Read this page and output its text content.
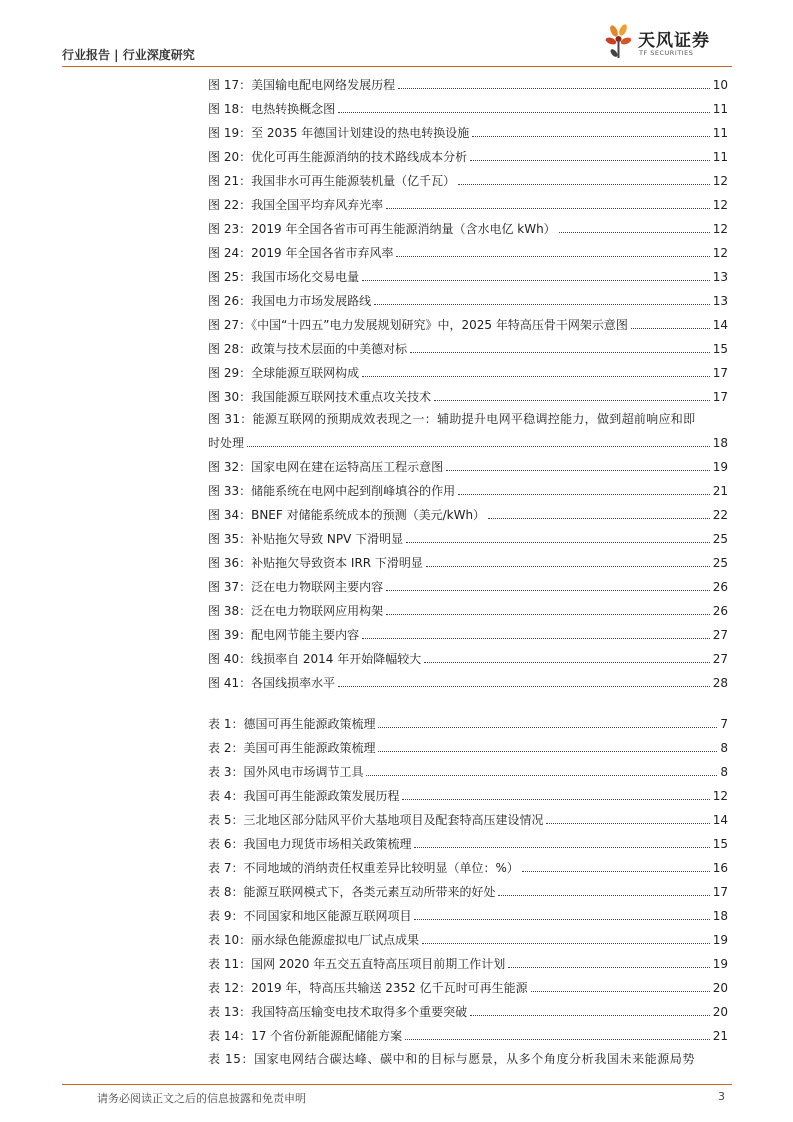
行业报告 | 行业深度研究
天风证券
TF SECURITIES
图 17：美国输电配电网络发展历程	10
图 18：电热转换概念图	11
图 19：至 2035 年德国计划建设的热电转换设施	11
图 20：优化可再生能源消纳的技术路线成本分析	11
图 21：我国非水可再生能源装机量（亿千瓦）	12
图 22：我国全国平均弃风弃光率	12
图 23：2019 年全国各省市可再生能源消纳量（含水电亿 kWh）	12
图 24：2019 年全国各省市弃风率	12
图 25：我国市场化交易电量	13
图 26：我国电力市场发展路线	13
图 27：《中国“十四五”电力发展规划研究》中，2025 年特高压骨干网架示意图	14
图 28：政策与技术层面的中美德对标	15
图 29：全球能源互联网构成	17
图 30：我国能源互联网技术重点攻关技术	17
图 31：能源互联网的预期成效表现之一：辅助提升电网平稳调控能力，做到超前响应和即
时处理	18
图 32：国家电网在建在运特高压工程示意图	19
图 33：储能系统在电网中起到削峰填谷的作用	21
图 34：BNEF 对储能系统成本的预测（美元/kWh）	22
图 35：补贴拖欠导致 NPV 下滑明显	25
图 36：补贴拖欠导致资本 IRR 下滑明显	25
图 37：泛在电力物联网主要内容	26
图 38：泛在电力物联网应用构架	26
图 39：配电网节能主要内容	27
图 40：线损率自 2014 年开始降幅较大	27
图 41：各国线损率水平	28
表 1：德国可再生能源政策梳理	7
表 2：美国可再生能源政策梳理	8
表 3：国外风电市场调节工具	8
表 4：我国可再生能源政策发展历程	12
表 5：三北地区部分陆风平价大基地项目及配套特高压建设情况	14
表 6：我国电力现货市场相关政策梳理	15
表 7：不同地域的消纳责任权重差异比较明显（单位：%）	16
表 8：能源互联网模式下，各类元素互动所带来的好处	17
表 9：不同国家和地区能源互联网项目	18
表 10：丽水绿色能源虚拟电厂试点成果	19
表 11：国网 2020 年五交五直特高压项目前期工作计划	19
表 12：2019 年，特高压共输送 2352 亿千瓦时可再生能源	20
表 13：我国特高压输变电技术取得多个重要突破	20
表 14：17 个省份新能源配储能方案	21
表 15：国家电网结合碳达峰、碳中和的目标与愿景，从多个角度分析我国未来能源局势
请务必阅读正文之后的信息披露和免责申明	3
